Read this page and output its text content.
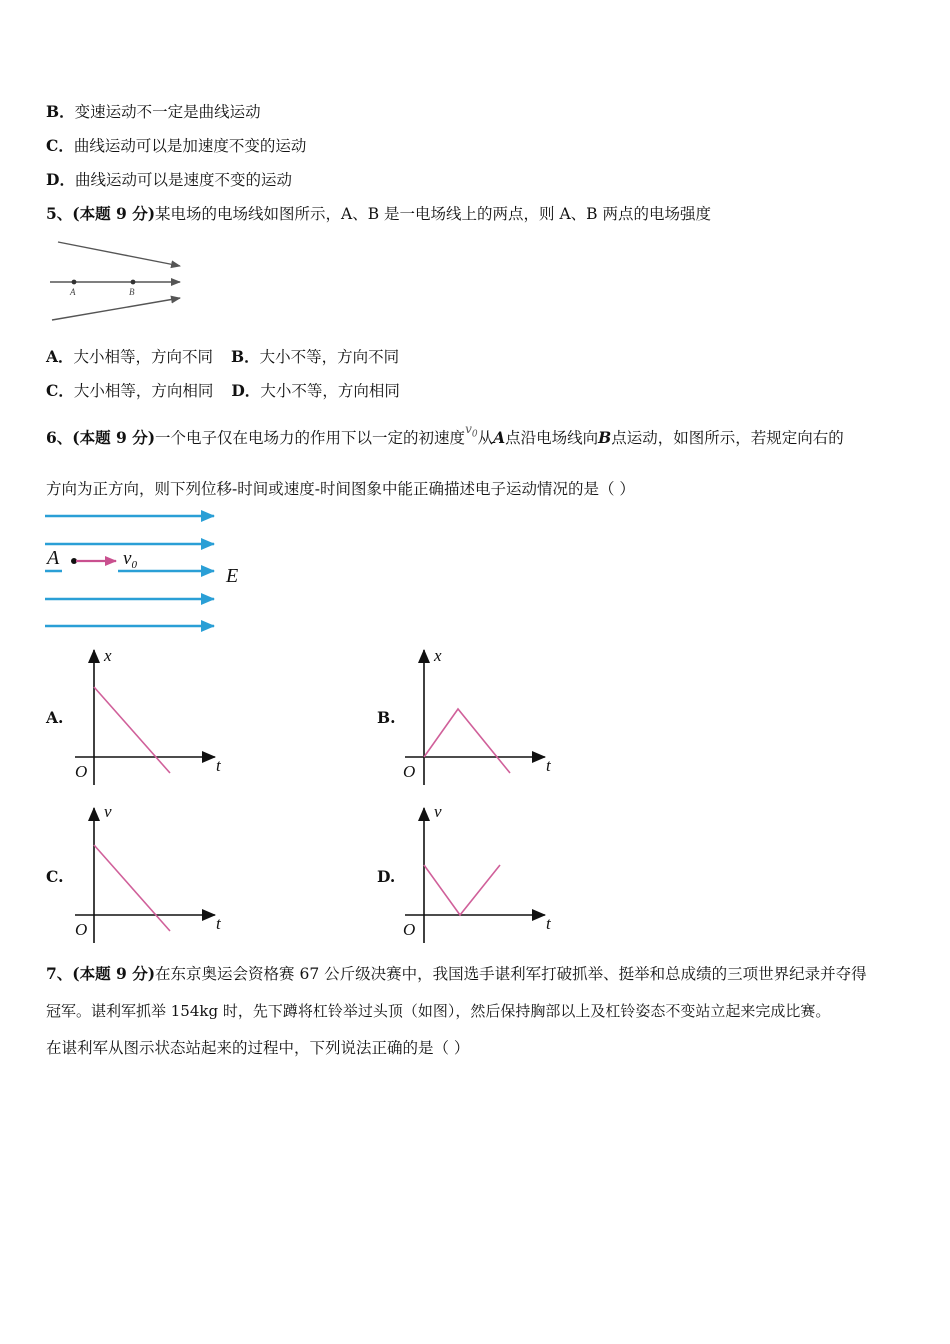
B．变速运动不一定是曲线运动
C．曲线运动可以是加速度不变的运动
D．曲线运动可以是速度不变的运动
5、(本题 9 分)某电场的电场线如图所示，A、B 是一电场线上的两点，则 A、B 两点的电场强度
A	B
A．大小相等，方向不同 B．大小不等，方向不同
C．大小相等，方向相同 D．大小不等，方向相同
6、(本题 9 分)一个电子仅在电场力的作用下以一定的初速度$^{v_0}$从A点沿电场线向B点运动，如图所示，若规定向右的
方向为正方向，则下列位移-时间或速度-时间图象中能正确描述电子运动情况的是（ ）
A	$v_0$	E
A.	B.
C.	D.
x
t
O
x
t
O
v
t
O
v
t
O
7、(本题 9 分)在东京奥运会资格赛 67 公斤级决赛中，我国选手谌利军打破抓举、挺举和总成绩的三项世界纪录并夺得
冠军。谌利军抓举 154kg 时，先下蹲将杠铃举过头顶（如图），然后保持胸部以上及杠铃姿态不变站立起来完成比赛。
在谌利军从图示状态站起来的过程中，下列说法正确的是（ ）
